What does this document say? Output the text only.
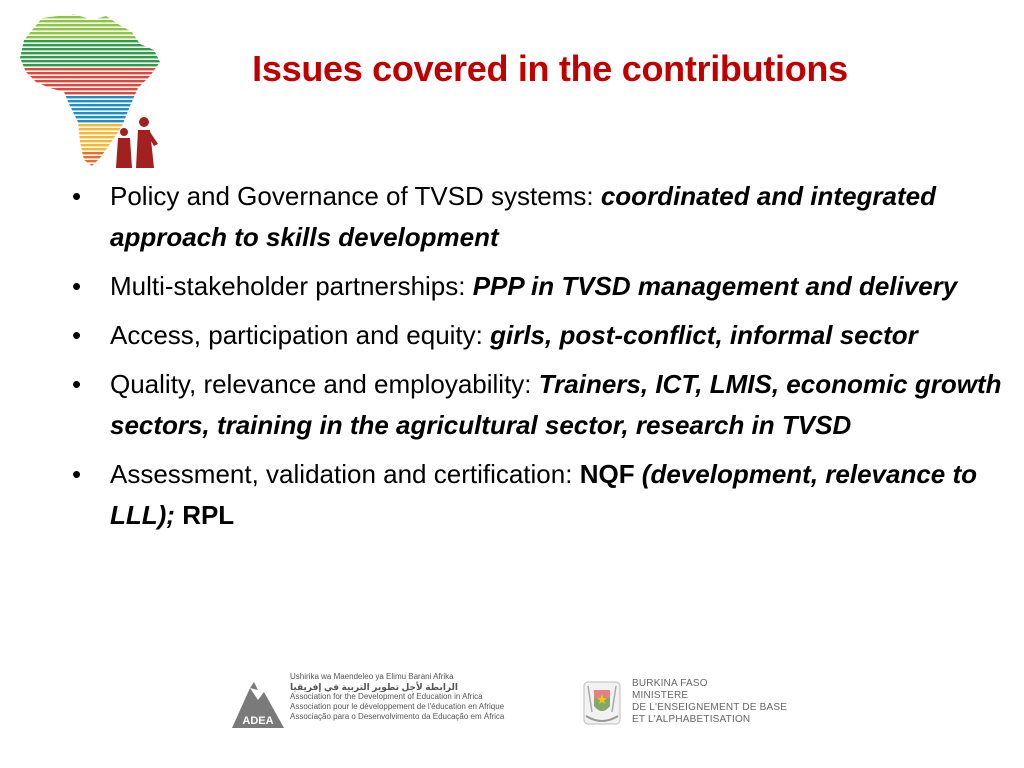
Issues covered in the contributions
• Policy and Governance of TVSD systems: coordinated and integrated approach to skills development
• Multi-stakeholder partnerships: PPP in TVSD management and delivery
• Access, participation and equity: girls, post-conflict, informal sector
• Quality, relevance and employability: Trainers, ICT, LMIS, economic growth sectors, training in the agricultural sector, research in TVSD
• Assessment, validation and certification: NQF (development, relevance to LLL); RPL
ADEA
Ushirika wa Maendeleo ya Elimu Barani Afrika
الرابطة لأجل تطوير التربية في إفريقيا
Association for the Development of Education in Africa
Association pour le développement de l'éducation en Afrique
Associação para o Desenvolvimento da Educação em África
BURKINA FASO
MINISTERE
DE L'ENSEIGNEMENT DE BASE
ET L'ALPHABETISATION
